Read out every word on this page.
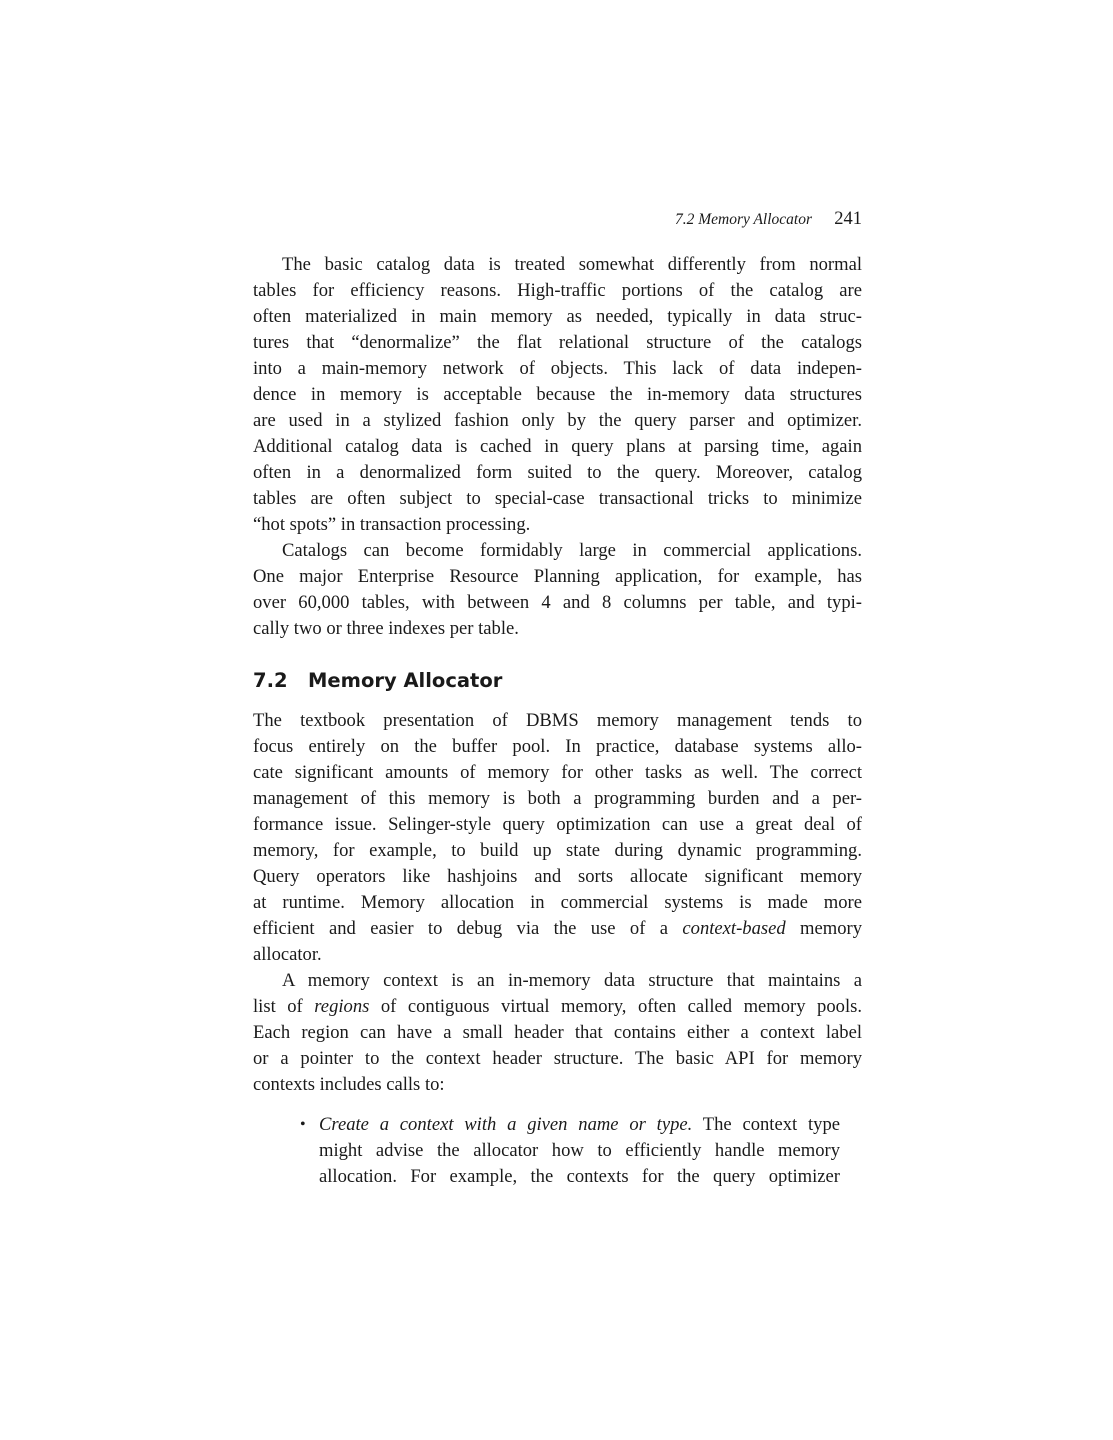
7.2 Memory Allocator 241
The basic catalog data is treated somewhat differently from normal
tables for efficiency reasons. High-traffic portions of the catalog are
often materialized in main memory as needed, typically in data struc-
tures that “denormalize” the flat relational structure of the catalogs
into a main-memory network of objects. This lack of data indepen-
dence in memory is acceptable because the in-memory data structures
are used in a stylized fashion only by the query parser and optimizer.
Additional catalog data is cached in query plans at parsing time, again
often in a denormalized form suited to the query. Moreover, catalog
tables are often subject to special-case transactional tricks to minimize
“hot spots” in transaction processing.
Catalogs can become formidably large in commercial applications.
One major Enterprise Resource Planning application, for example, has
over 60,000 tables, with between 4 and 8 columns per table, and typi-
cally two or three indexes per table.
7.2 Memory Allocator
The textbook presentation of DBMS memory management tends to
focus entirely on the buffer pool. In practice, database systems allo-
cate significant amounts of memory for other tasks as well. The correct
management of this memory is both a programming burden and a per-
formance issue. Selinger-style query optimization can use a great deal of
memory, for example, to build up state during dynamic programming.
Query operators like hashjoins and sorts allocate significant memory
at runtime. Memory allocation in commercial systems is made more
efficient and easier to debug via the use of a context-based memory
allocator.
A memory context is an in-memory data structure that maintains a
list of regions of contiguous virtual memory, often called memory pools.
Each region can have a small header that contains either a context label
or a pointer to the context header structure. The basic API for memory
contexts includes calls to:
• Create a context with a given name or type. The context type
might advise the allocator how to efficiently handle memory
allocation. For example, the contexts for the query optimizer
